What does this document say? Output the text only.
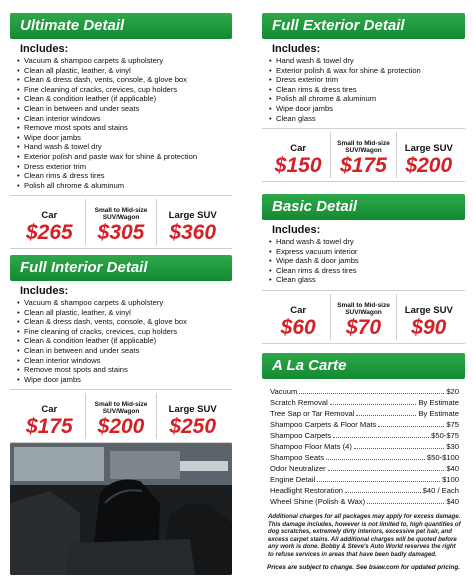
Ultimate Detail
Includes:
• Vacuum & shampoo carpets & upholstery
• Clean all plastic, leather, & vinyl
• Clean & dress dash, vents, console, & glove box
• Fine cleaning of cracks, crevices, cup holders
• Clean & condition leather (if applicable)
• Clean in between and under seats
• Clean interior windows
• Remove most spots and stains
• Wipe door jambs
• Hand wash & towel dry
• Exterior polish and paste wax for shine & protection
• Dress exterior trim
• Clean rims & dress tires
• Polish all chrome & aluminum
Car
$265
Small to Mid-size SUV/Wagon
$305
Large SUV
$360
Full Interior Detail
Includes:
• Vacuum & shampoo carpets & upholstery
• Clean all plastic, leather, & vinyl
• Clean & dress dash, vents, console, & glove box
• Fine cleaning of cracks, crevices, cup holders
• Clean & condition leather (if applicable)
• Clean in between and under seats
• Clean interior windows
• Remove most spots and stains
• Wipe door jambs
Car
$175
Small to Mid-size SUV/Wagon
$200
Large SUV
$250
Full Exterior Detail
Includes:
• Hand wash & towel dry
• Exterior polish & wax for shine & protection
• Dress exterior trim
• Clean rims & dress tires
• Polish all chrome & aluminum
• Wipe door jambs
• Clean glass
Car
$150
Small to Mid-size SUV/Wagon
$175
Large SUV
$200
Basic Detail
Includes:
• Hand wash & towel dry
• Express vacuum interior
• Wipe dash & door jambs
• Clean rims & dress tires
• Clean glass
Car
$60
Small to Mid-size SUV/Wagon
$70
Large SUV
$90
A La Carte
Vacuum	$20
Scratch Removal	By Estimate
Tree Sap or Tar Removal	By Estimate
Shampoo Carpets & Floor Mats	$75
Shampoo Carpets	$50-$75
Shampoo Floor Mats (4)	$30
Shampoo Seats	$50-$100
Odor Neutralizer	$40
Engine Detail	$100
Headlight Restoration	$40 / Each
Wheel Shine (Polish & Wax)	$40
Additional charges for all packages may apply for excess damage. This damage includes, however is not limited to, high quantities of dog scratches, extremely dirty interiors, excessive pet hair, and excess carpet stains. All additional charges will be quoted before any work is done. Bobby & Steve's Auto World reserves the right to refuse services in areas that have been badly damaged.
Prices are subject to change. See bsaw.com for updated pricing.
